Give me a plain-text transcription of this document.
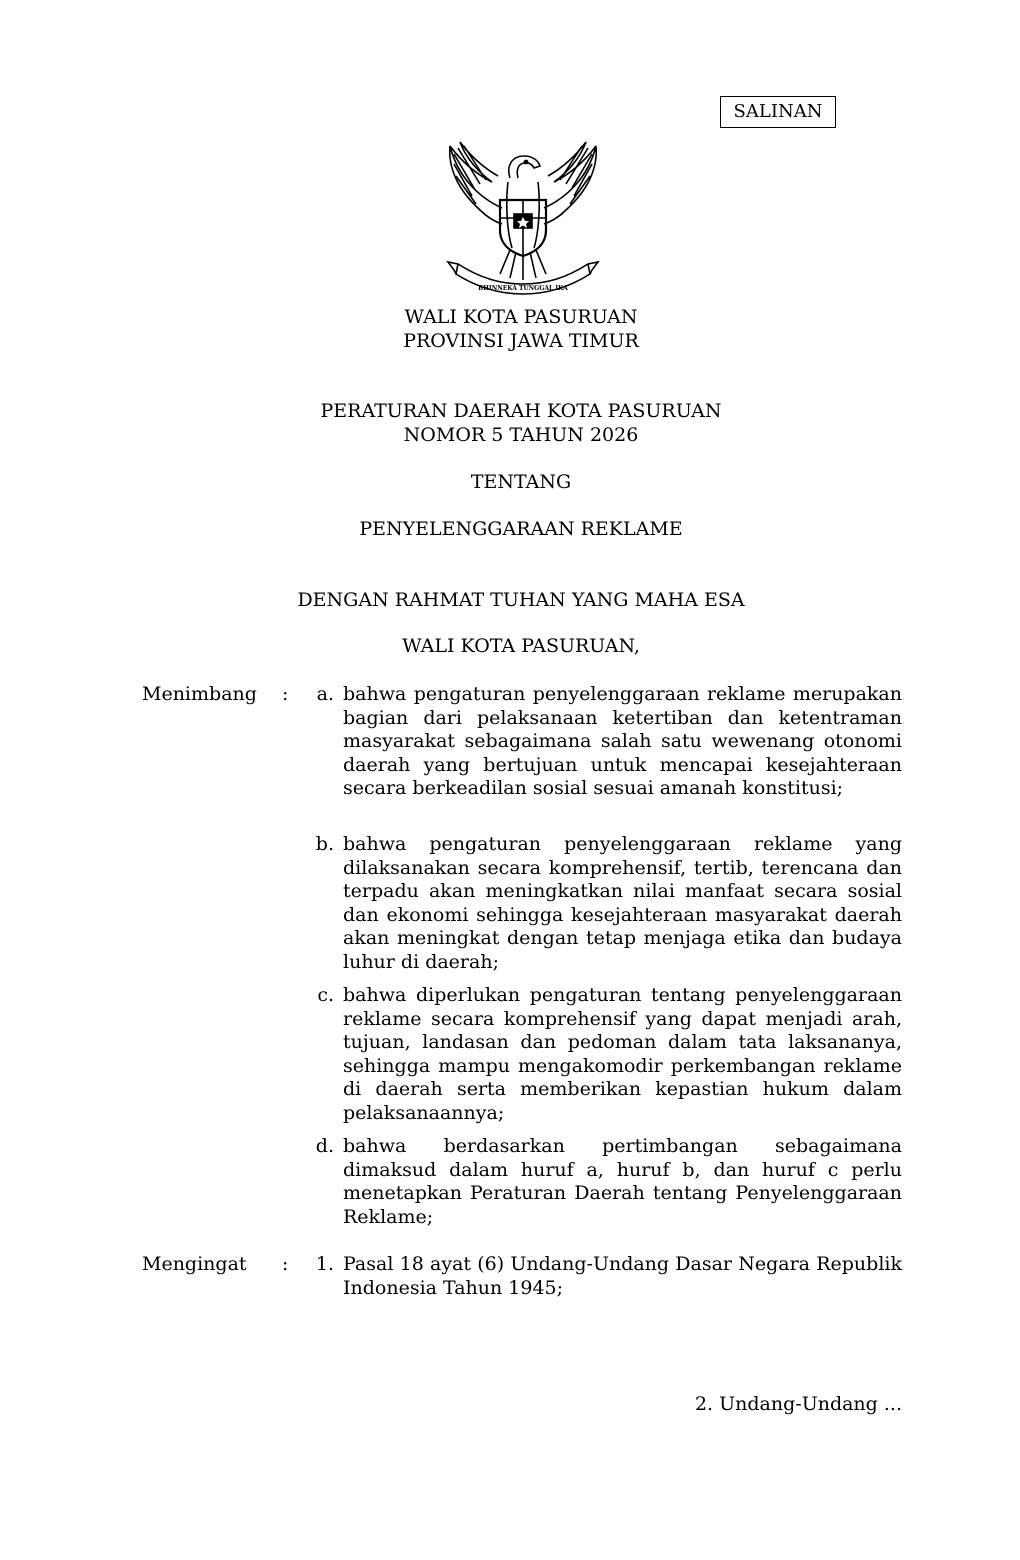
SALINAN
BHINNEKA TUNGGAL IKA
WALI KOTA PASURUAN
PROVINSI JAWA TIMUR
PERATURAN DAERAH KOTA PASURUAN
NOMOR 5 TAHUN 2026
TENTANG
PENYELENGGARAAN REKLAME
DENGAN RAHMAT TUHAN YANG MAHA ESA
WALI KOTA PASURUAN,
Menimbang	:	a. bahwa pengaturan penyelenggaraan reklame merupakan bagian dari pelaksanaan ketertiban dan ketentraman masyarakat sebagaimana salah satu wewenang otonomi daerah yang bertujuan untuk mencapai kesejahteraan secara berkeadilan sosial sesuai amanah konstitusi;
b. bahwa pengaturan penyelenggaraan reklame yang dilaksanakan secara komprehensif, tertib, terencana dan terpadu akan meningkatkan nilai manfaat secara sosial dan ekonomi sehingga kesejahteraan masyarakat daerah akan meningkat dengan tetap menjaga etika dan budaya luhur di daerah;
c. bahwa diperlukan pengaturan tentang penyelenggaraan reklame secara komprehensif yang dapat menjadi arah, tujuan, landasan dan pedoman dalam tata laksananya, sehingga mampu mengakomodir perkembangan reklame di daerah serta memberikan kepastian hukum dalam pelaksanaannya;
d. bahwa berdasarkan pertimbangan sebagaimana dimaksud dalam huruf a, huruf b, dan huruf c perlu menetapkan Peraturan Daerah tentang Penyelenggaraan Reklame;
Mengingat	:	1. Pasal 18 ayat (6) Undang-Undang Dasar Negara Republik Indonesia Tahun 1945;
2. Undang-Undang ...
